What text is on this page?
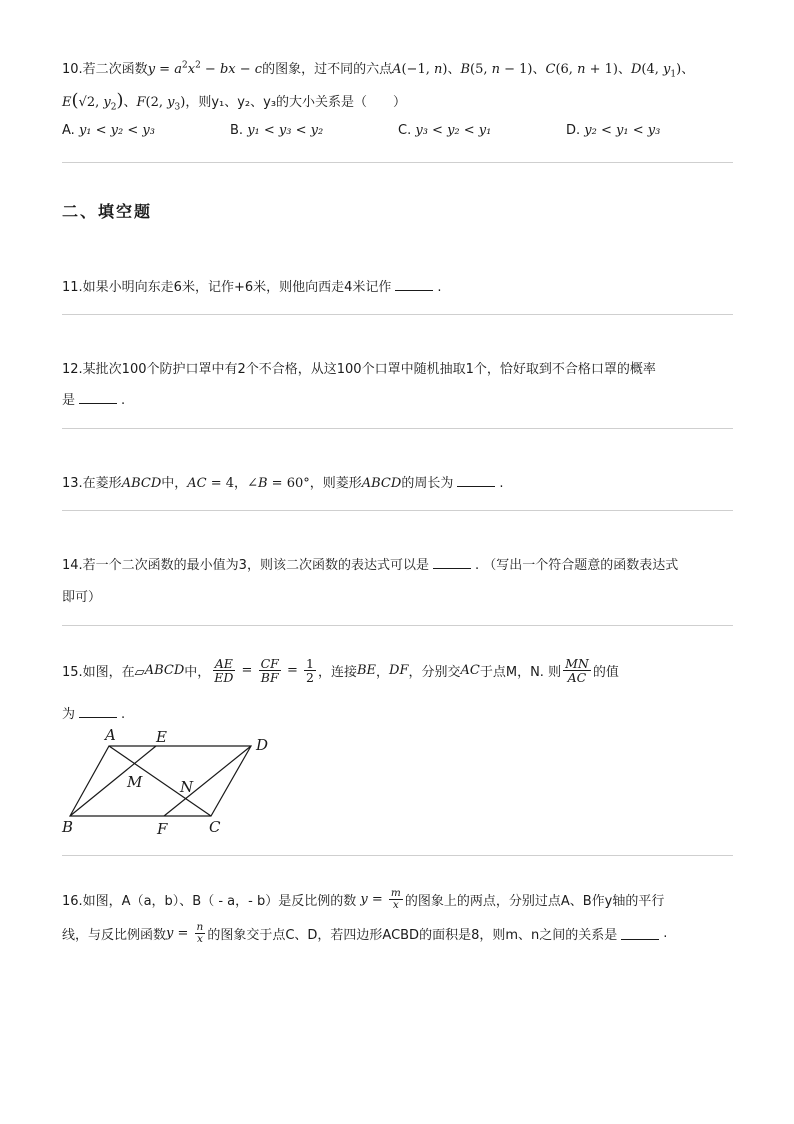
10.若二次函数$y = a^2x^2$ − bx − c的图象，过不同的六点A(−1, n)、B(5, n − 1)、C(6, n + 1)、D(4, $y_1$)、
E(√2, $y_2$)、F(2, $y_3$)，则y₁、y₂、y₃的大小关系是（　　）
A. y₁ < y₂ < y₃	B. y₁ < y₃ < y₂	C. y₃ < y₂ < y₁	D. y₂ < y₁ < y₃
二、填空题
11.如果小明向东走6米，记作+6米，则他向西走4米记作	.
12.某批次100个防护口罩中有2个不合格，从这100个口罩中随机抽取1个，恰好取到不合格口罩的概率
是	.
13.在菱形ABCD中，AC = 4，∠B = 60°，则菱形ABCD的周长为	.
14.若一个二次函数的最小值为3，则该二次函数的表达式可以是	. （写出一个符合题意的函数表达式
即可）
15.如图，在▱ ABCD 中， $\frac{AE}{ED} = \frac{CF}{BF} = \frac{1}{2}$ ，连接 BE ， DF ，分别交 AC 于点M，N. 则 $\frac{MN}{AC}$ 的值
为	.
A	E	D
M	N
B	F	C
16.如图，A（a，b）、B（ - a，- b）是反比例的数 $y = \frac{m}{x}$ 的图象上的两点，分别过点A、B作y轴的平行
线，与反比例函数 $y = \frac{n}{x}$ 的图象交于点C、D，若四边形ACBD的面积是8，则m、n之间的关系是	.
